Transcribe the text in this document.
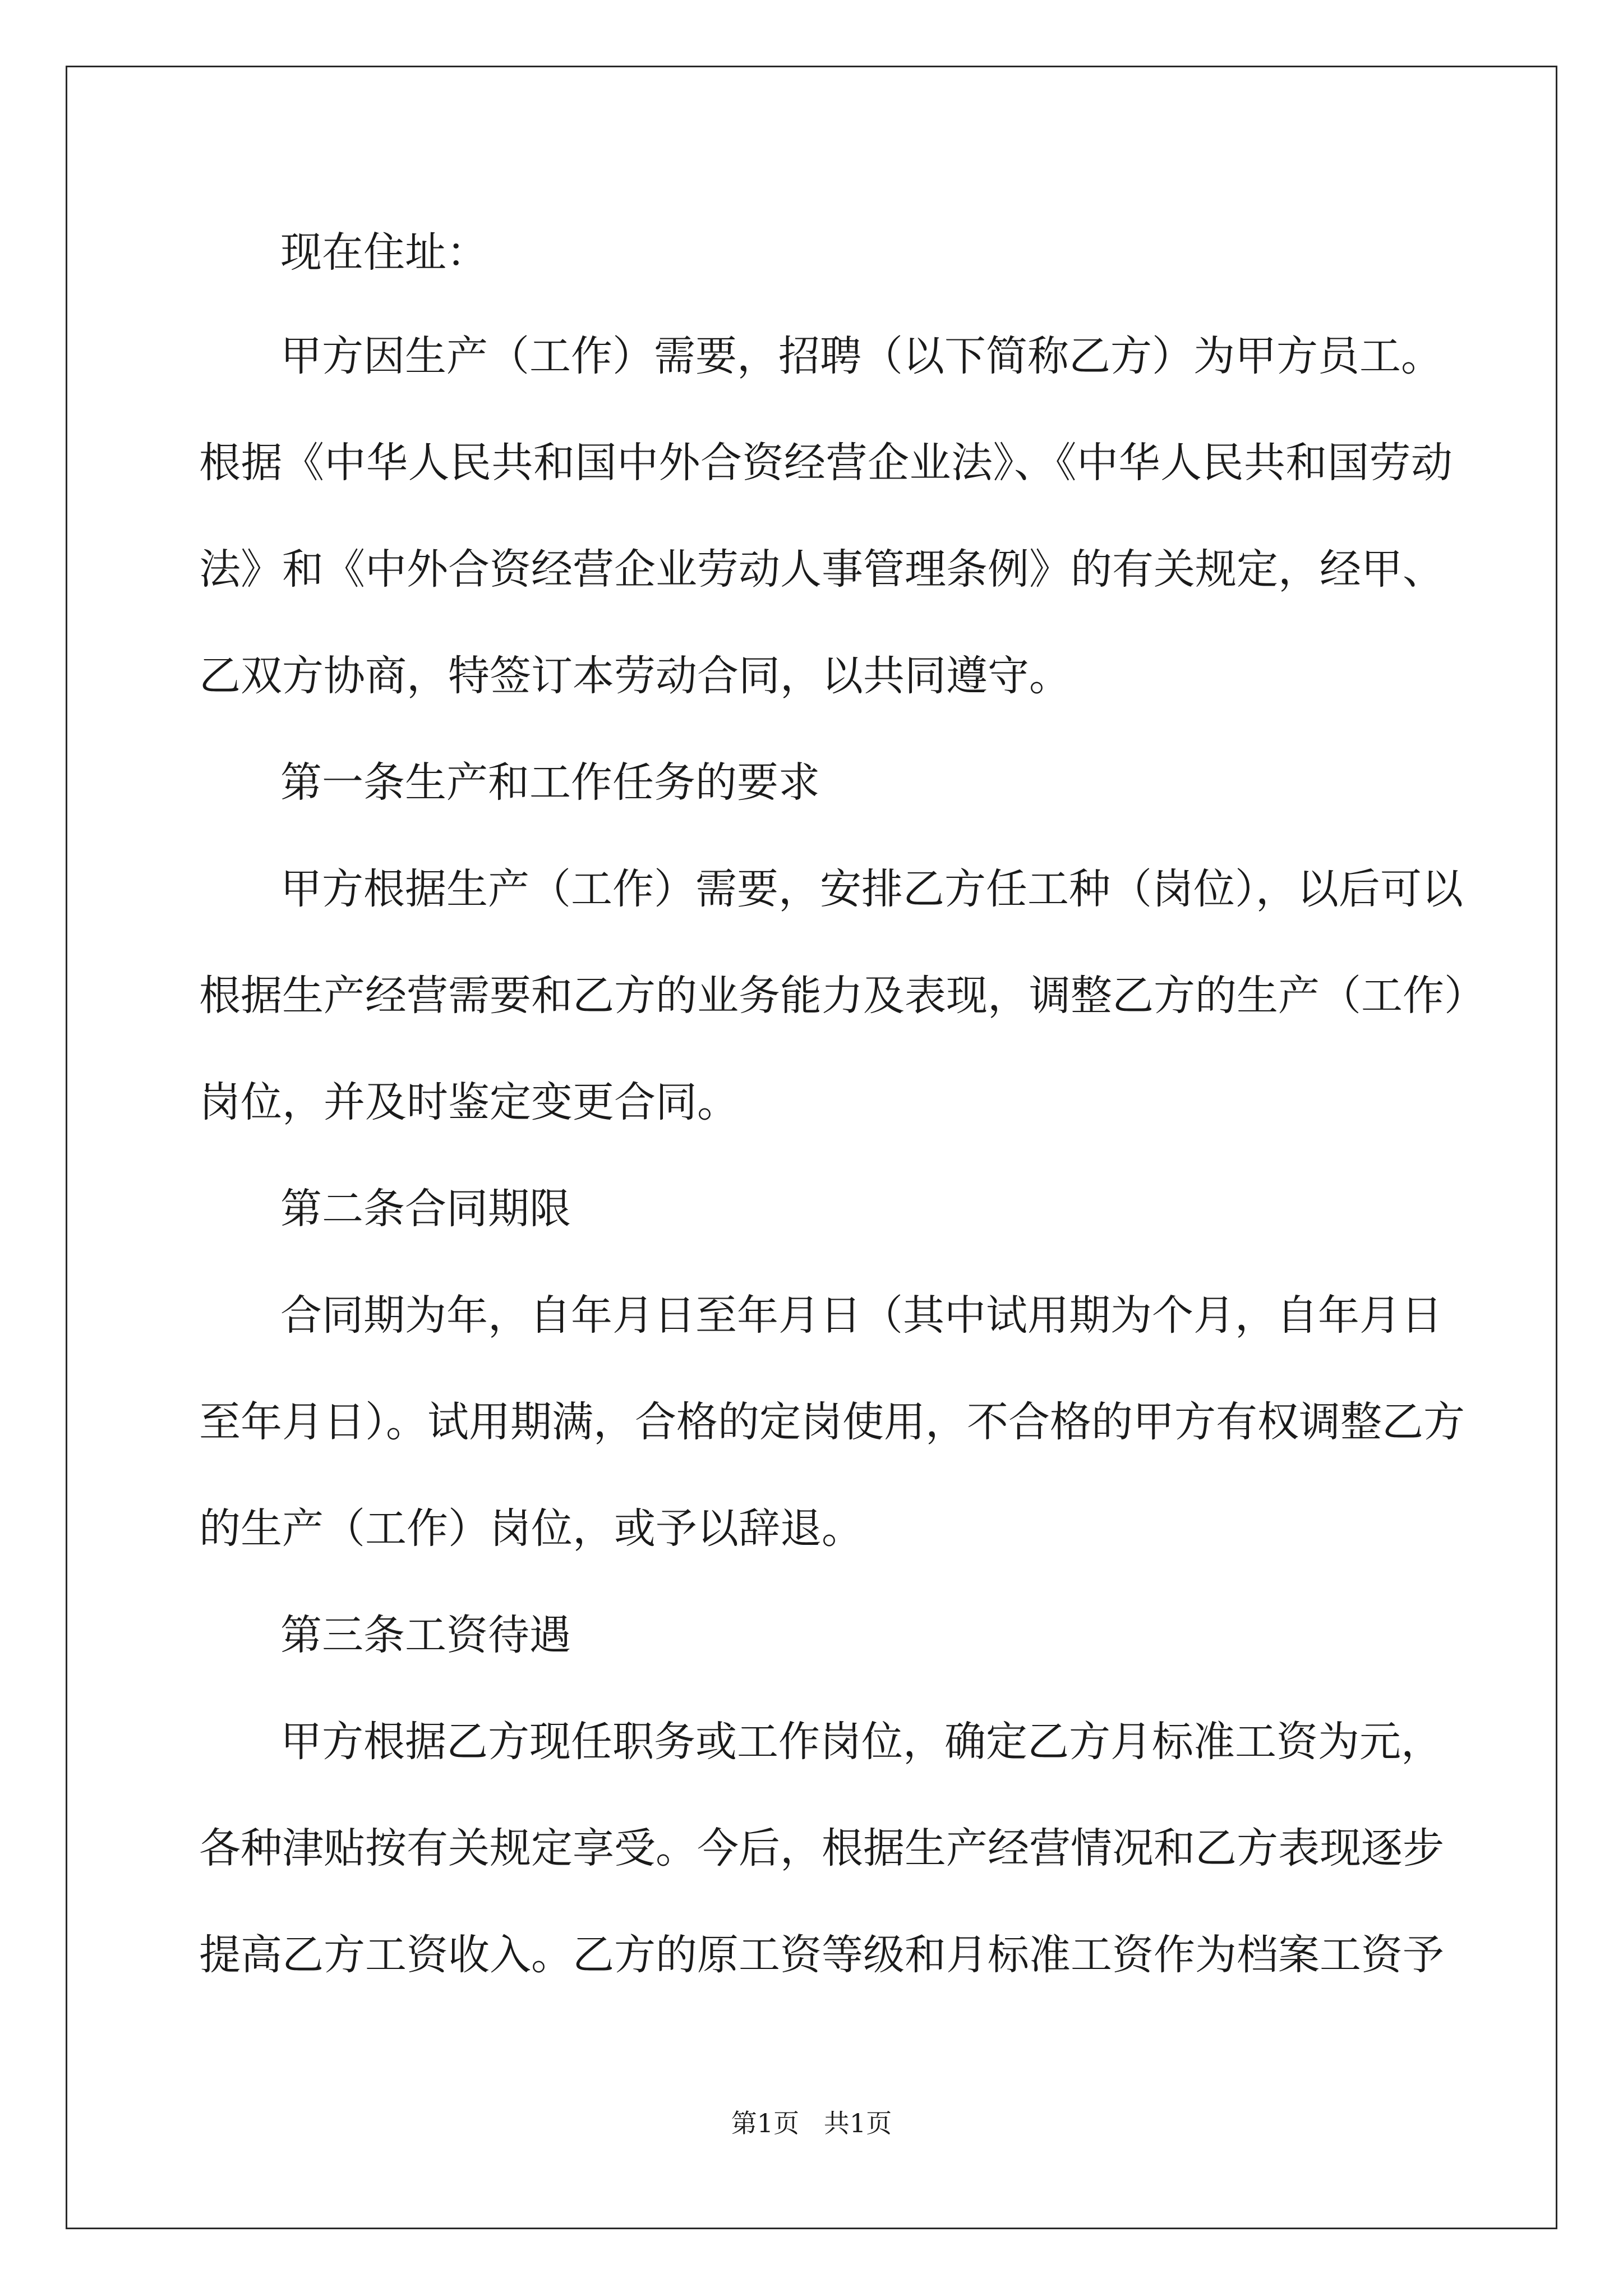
现在住址：
甲方因生产（工作）需要，招聘（以下简称乙方）为甲方员工。
根据《中华人民共和国中外合资经营企业法》、《中华人民共和国劳动
法》和《中外合资经营企业劳动人事管理条例》的有关规定，经甲、
乙双方协商，特签订本劳动合同，以共同遵守。
第一条生产和工作任务的要求
甲方根据生产（工作）需要，安排乙方任工种（岗位），以后可以
根据生产经营需要和乙方的业务能力及表现，调整乙方的生产（工作）
岗位，并及时鉴定变更合同。
第二条合同期限
合同期为年，自年月日至年月日（其中试用期为个月，自年月日
至年月日）。试用期满，合格的定岗使用，不合格的甲方有权调整乙方
的生产（工作）岗位，或予以辞退。
第三条工资待遇
甲方根据乙方现任职务或工作岗位，确定乙方月标准工资为元，
各种津贴按有关规定享受。今后，根据生产经营情况和乙方表现逐步
提高乙方工资收入。乙方的原工资等级和月标准工资作为档案工资予
第1页   共1页
